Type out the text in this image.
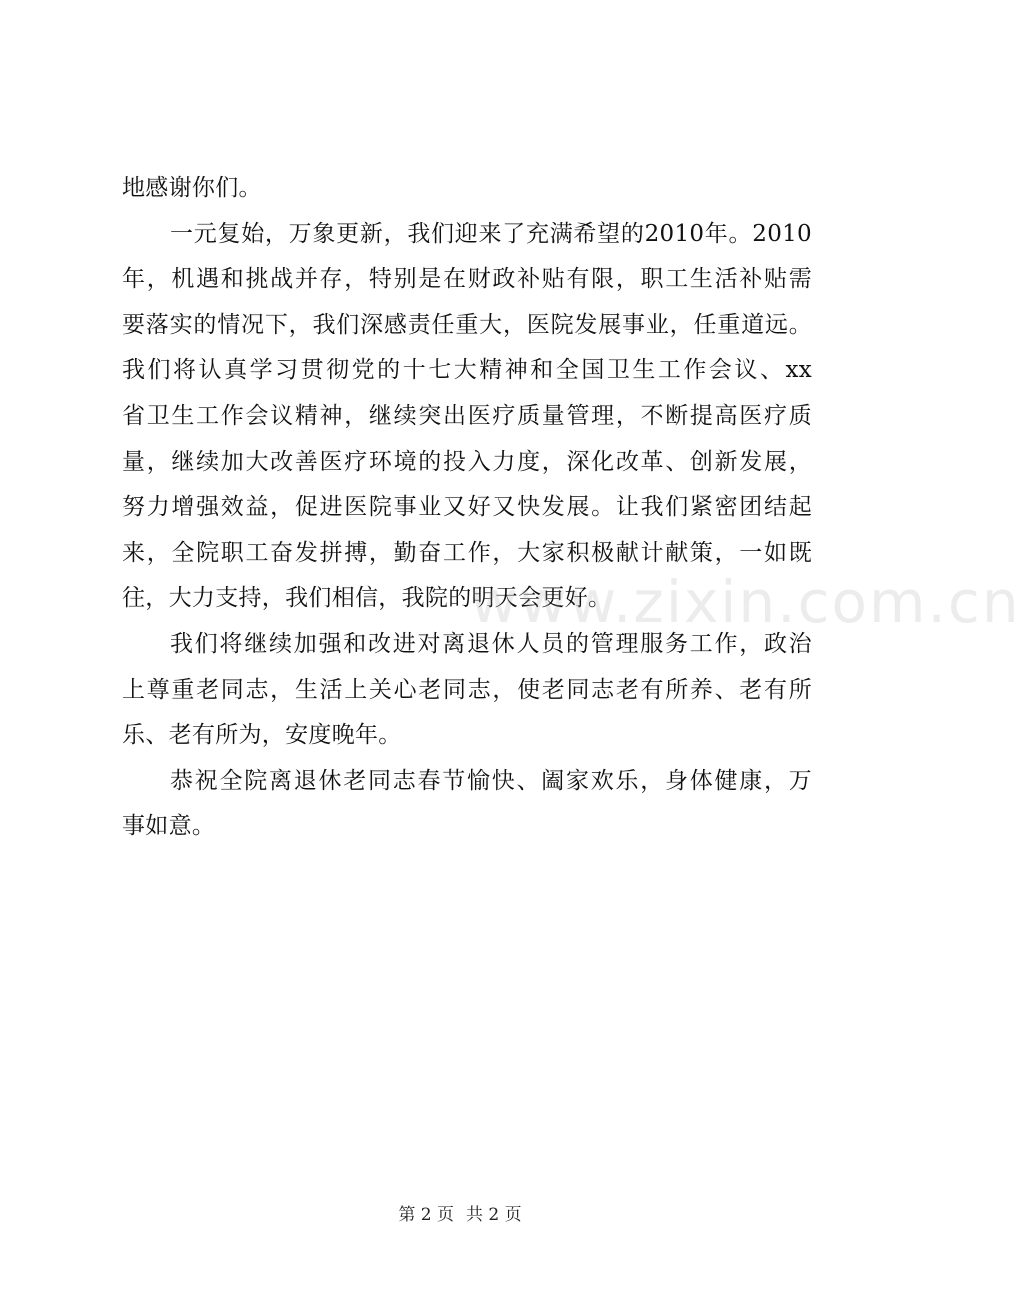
地感谢你们。
一元复始，万象更新，我们迎来了充满希望的2010年。2010
年，机遇和挑战并存，特别是在财政补贴有限，职工生活补贴需
要落实的情况下，我们深感责任重大，医院发展事业，任重道远。
我们将认真学习贯彻党的十七大精神和全国卫生工作会议、xx
省卫生工作会议精神，继续突出医疗质量管理，不断提高医疗质
量，继续加大改善医疗环境的投入力度，深化改革、创新发展，
努力增强效益，促进医院事业又好又快发展。让我们紧密团结起
来，全院职工奋发拼搏，勤奋工作，大家积极献计献策，一如既
往，大力支持，我们相信，我院的明天会更好。
我们将继续加强和改进对离退休人员的管理服务工作，政治
上尊重老同志，生活上关心老同志，使老同志老有所养、老有所
乐、老有所为，安度晚年。
恭祝全院离退休老同志春节愉快、阖家欢乐，身体健康，万
事如意。
www.zixin.com.cn
第 2 页 共 2 页
